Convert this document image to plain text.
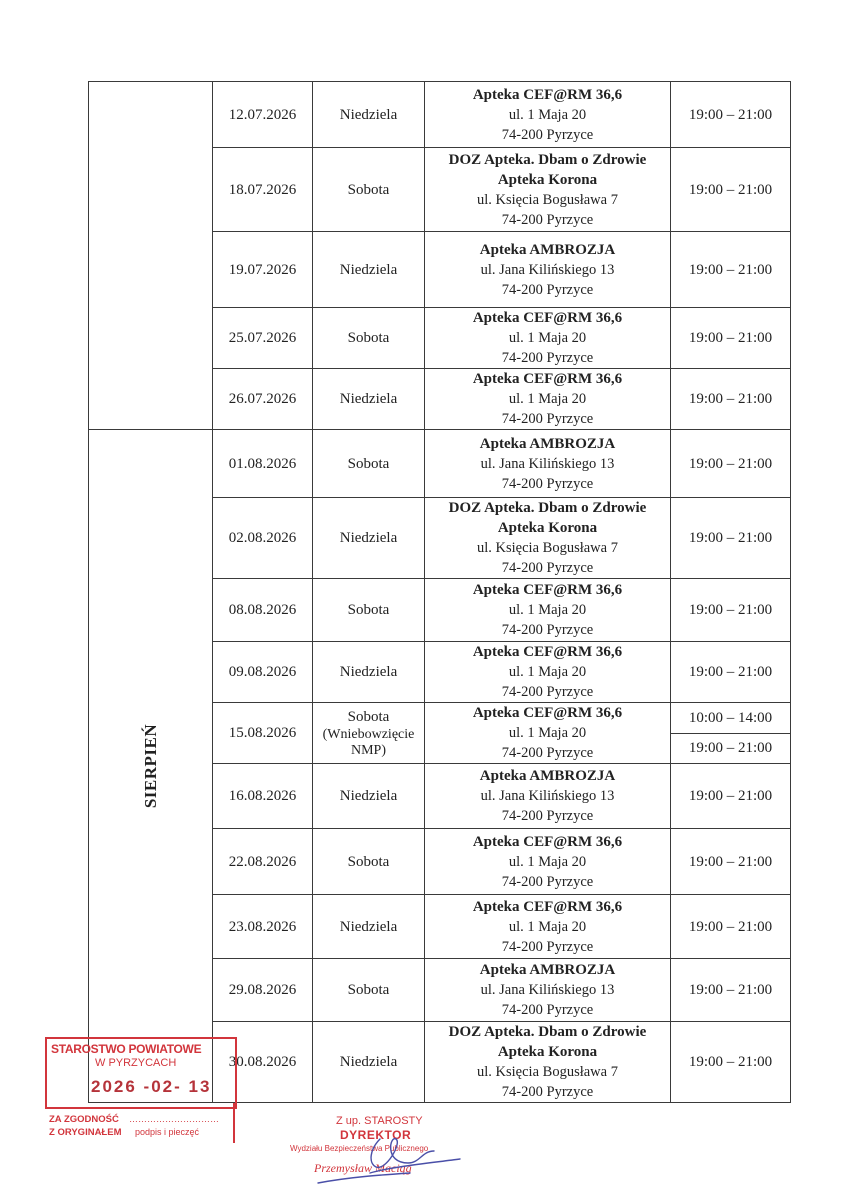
	12.07.2026	Niedziela	Apteka CEF@RM 36,6
ul. 1 Maja 20
74-200 Pyrzyce	19:00 – 21:00
	18.07.2026	Sobota	DOZ Apteka. Dbam o Zdrowie
Apteka Korona
ul. Księcia Bogusława 7
74-200 Pyrzyce	19:00 – 21:00
	19.07.2026	Niedziela	Apteka AMBROZJA
ul. Jana Kilińskiego 13
74-200 Pyrzyce	19:00 – 21:00
	25.07.2026	Sobota	Apteka CEF@RM 36,6
ul. 1 Maja 20
74-200 Pyrzyce	19:00 – 21:00
	26.07.2026	Niedziela	Apteka CEF@RM 36,6
ul. 1 Maja 20
74-200 Pyrzyce	19:00 – 21:00

SIERPIEŃ	01.08.2026	Sobota	Apteka AMBROZJA
ul. Jana Kilińskiego 13
74-200 Pyrzyce	19:00 – 21:00
	02.08.2026	Niedziela	DOZ Apteka. Dbam o Zdrowie
Apteka Korona
ul. Księcia Bogusława 7
74-200 Pyrzyce	19:00 – 21:00
	08.08.2026	Sobota	Apteka CEF@RM 36,6
ul. 1 Maja 20
74-200 Pyrzyce	19:00 – 21:00
	09.08.2026	Niedziela	Apteka CEF@RM 36,6
ul. 1 Maja 20
74-200 Pyrzyce	19:00 – 21:00
	15.08.2026	Sobota
(Wniebowzięcie NMP)	Apteka CEF@RM 36,6
ul. 1 Maja 20
74-200 Pyrzyce	10:00 – 14:00
19:00 – 21:00

	16.08.2026	Niedziela	Apteka AMBROZJA
ul. Jana Kilińskiego 13
74-200 Pyrzyce	19:00 – 21:00
	22.08.2026	Sobota	Apteka CEF@RM 36,6
ul. 1 Maja 20
74-200 Pyrzyce	19:00 – 21:00
	23.08.2026	Niedziela	Apteka CEF@RM 36,6
ul. 1 Maja 20
74-200 Pyrzyce	19:00 – 21:00
	29.08.2026	Sobota	Apteka AMBROZJA
ul. Jana Kilińskiego 13
74-200 Pyrzyce	19:00 – 21:00
	30.08.2026	Niedziela	DOZ Apteka. Dbam o Zdrowie
Apteka Korona
ul. Księcia Bogusława 7
74-200 Pyrzyce	19:00 – 21:00
STAROSTWO POWIATOWE
W PYRZYCACH
2026 -02- 13
ZA ZGODNOŚĆ …………………………
Z ORYGINAŁEM podpis i pieczęć
Z up. STAROSTY
DYREKTOR
Wydziału Bezpieczeństwa Publicznego
Przemysław Maciąg
